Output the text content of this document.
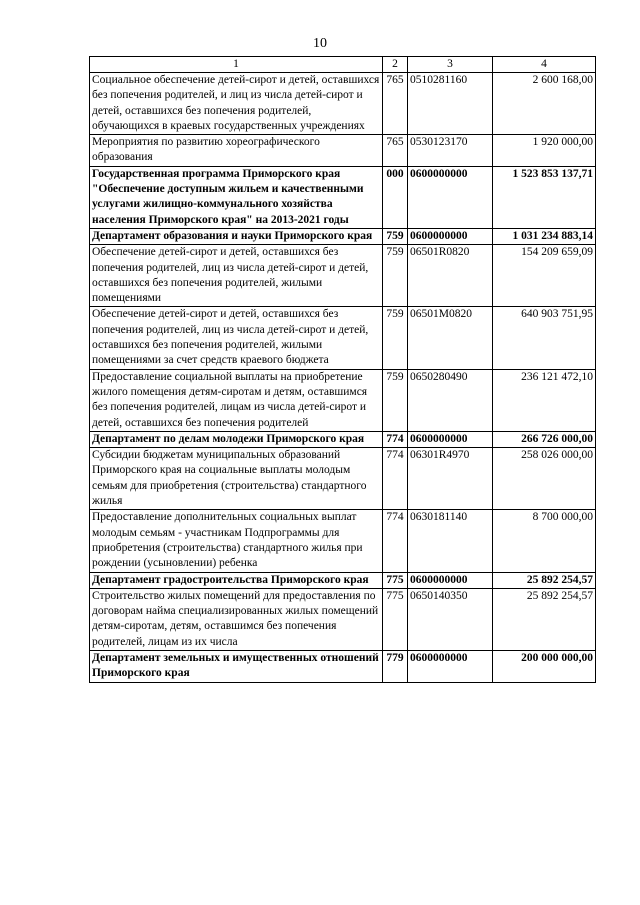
10
1	2	3	4
Социальное обеспечение детей-сирот и детей, оставшихся без попечения родителей, и лиц из числа детей-сирот и детей, оставшихся без попечения родителей, обучающихся в краевых государственных учреждениях	765	0510281160	2 600 168,00
Мероприятия по развитию хореографического образования	765	0530123170	1 920 000,00
Государственная программа Приморского края "Обеспечение доступным жильем и качественными услугами жилищно-коммунального хозяйства населения Приморского края" на 2013-2021 годы	000	0600000000	1 523 853 137,71
Департамент образования и науки Приморского края	759	0600000000	1 031 234 883,14
Обеспечение детей-сирот и детей, оставшихся без попечения родителей, лиц из числа детей-сирот и детей, оставшихся без попечения родителей, жилыми помещениями	759	06501R0820	154 209 659,09
Обеспечение детей-сирот и детей, оставшихся без попечения родителей, лиц из числа детей-сирот и детей, оставшихся без попечения родителей, жилыми помещениями за счет средств краевого бюджета	759	06501M0820	640 903 751,95
Предоставление социальной выплаты на приобретение жилого помещения детям-сиротам и детям, оставшимся без попечения родителей, лицам из числа детей-сирот и детей, оставшихся без попечения родителей	759	0650280490	236 121 472,10
Департамент по делам молодежи Приморского края	774	0600000000	266 726 000,00
Субсидии бюджетам муниципальных образований Приморского края на социальные выплаты молодым семьям для приобретения (строительства) стандартного жилья	774	06301R4970	258 026 000,00
Предоставление дополнительных социальных выплат молодым семьям - участникам Подпрограммы для приобретения (строительства) стандартного жилья при рождении (усыновлении) ребенка	774	0630181140	8 700 000,00
Департамент градостроительства Приморского края	775	0600000000	25 892 254,57
Строительство жилых помещений для предоставления по договорам найма специализированных жилых помещений детям-сиротам, детям, оставшимся без попечения родителей, лицам из их числа	775	0650140350	25 892 254,57
Департамент земельных и имущественных отношений Приморского края	779	0600000000	200 000 000,00
